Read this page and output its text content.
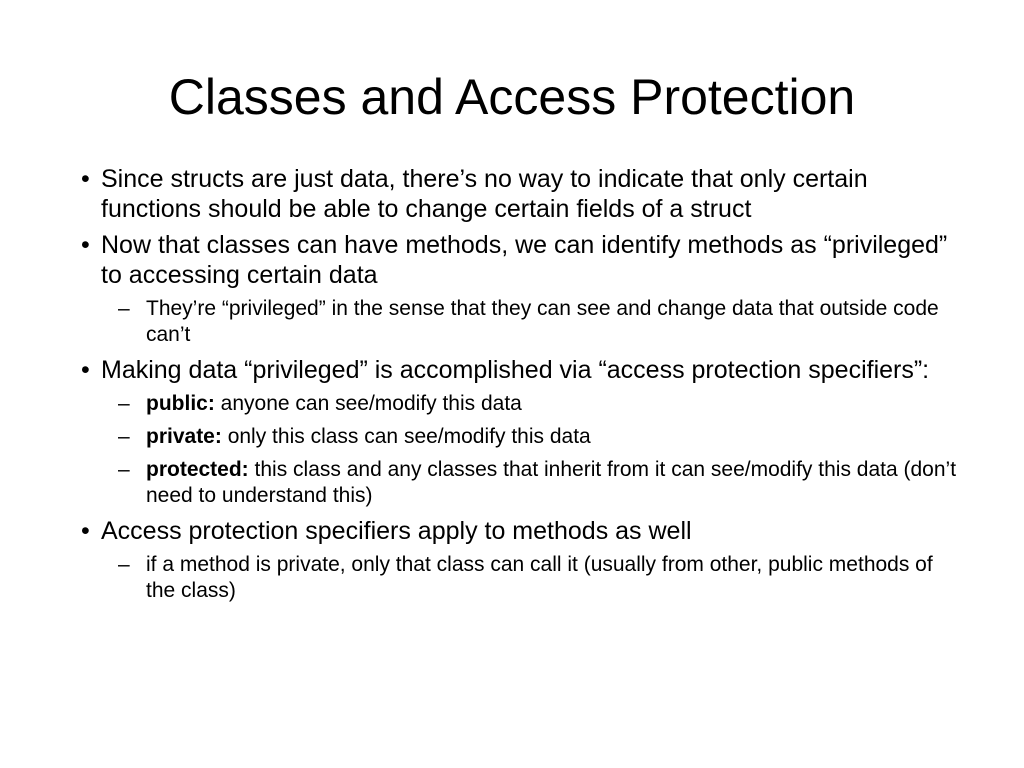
Classes and Access Protection
• Since structs are just data, there’s no way to indicate that only certain functions should be able to change certain fields of a struct
• Now that classes can have methods, we can identify methods as “privileged” to accessing certain data
– They’re “privileged” in the sense that they can see and change data that outside code can’t
• Making data “privileged” is accomplished via “access protection specifiers”:
– public: anyone can see/modify this data
– private: only this class can see/modify this data
– protected: this class and any classes that inherit from it can see/modify this data (don’t need to understand this)
• Access protection specifiers apply to methods as well
– if a method is private, only that class can call it (usually from other, public methods of the class)
